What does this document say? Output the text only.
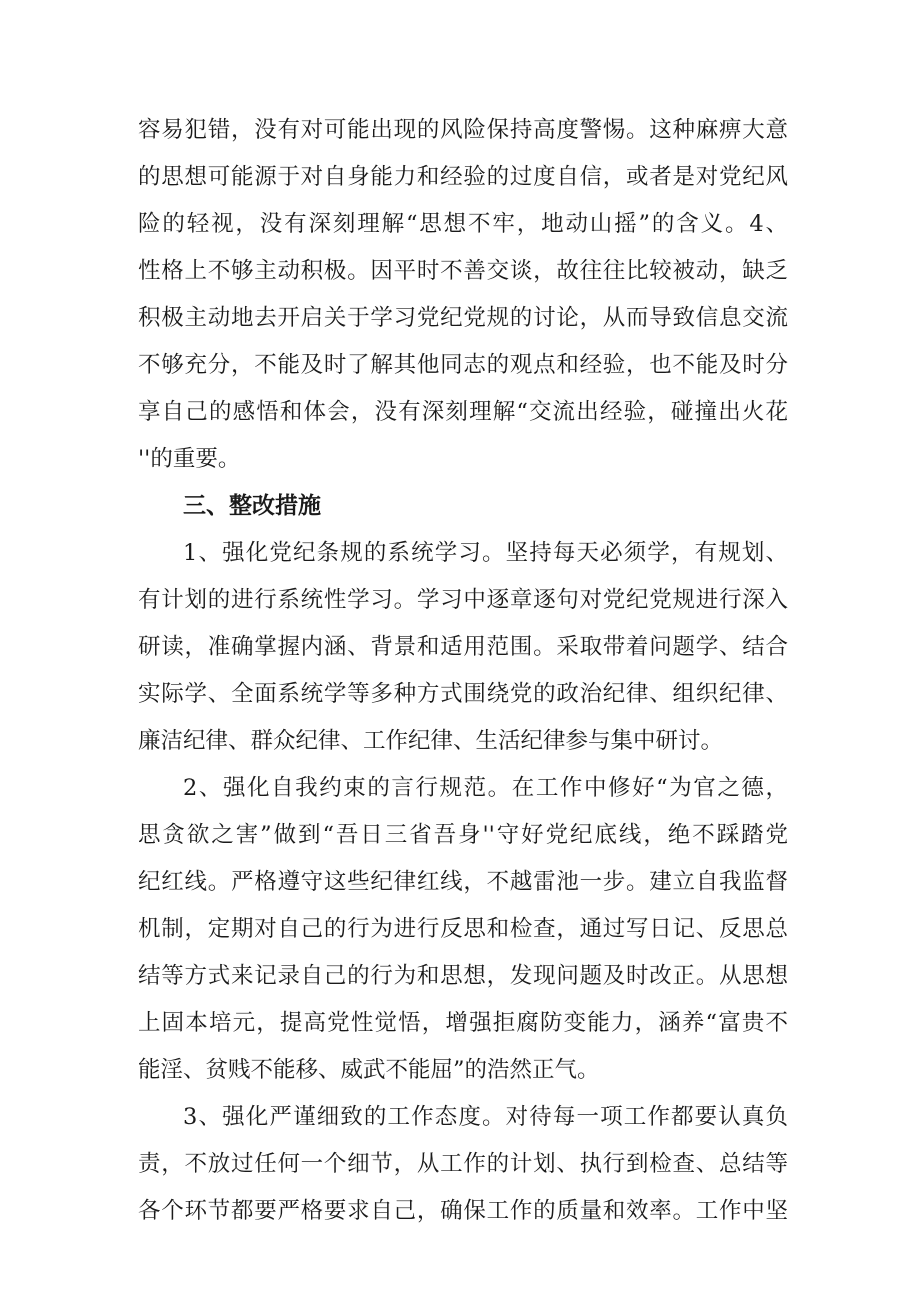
容易犯错，没有对可能出现的风险保持高度警惕。这种麻痹大意
的思想可能源于对自身能力和经验的过度自信，或者是对党纪风
险的轻视，没有深刻理解“思想不牢，地动山摇”的含义。4、
性格上不够主动积极。因平时不善交谈，故往往比较被动，缺乏
积极主动地去开启关于学习党纪党规的讨论，从而导致信息交流
不够充分，不能及时了解其他同志的观点和经验，也不能及时分
享自己的感悟和体会，没有深刻理解“交流出经验，碰撞出火花
''的重要。
三、整改措施
1、强化党纪条规的系统学习。坚持每天必须学，有规划、
有计划的进行系统性学习。学习中逐章逐句对党纪党规进行深入
研读，准确掌握内涵、背景和适用范围。采取带着问题学、结合
实际学、全面系统学等多种方式围绕党的政治纪律、组织纪律、
廉洁纪律、群众纪律、工作纪律、生活纪律参与集中研讨。
2、强化自我约束的言行规范。在工作中修好“为官之德，
思贪欲之害”做到“吾日三省吾身''守好党纪底线，绝不踩踏党
纪红线。严格遵守这些纪律红线，不越雷池一步。建立自我监督
机制，定期对自己的行为进行反思和检查，通过写日记、反思总
结等方式来记录自己的行为和思想，发现问题及时改正。从思想
上固本培元，提高党性觉悟，增强拒腐防变能力，涵养“富贵不
能淫、贫贱不能移、威武不能屈”的浩然正气。
3、强化严谨细致的工作态度。对待每一项工作都要认真负
责，不放过任何一个细节，从工作的计划、执行到检查、总结等
各个环节都要严格要求自己，确保工作的质量和效率。工作中坚
